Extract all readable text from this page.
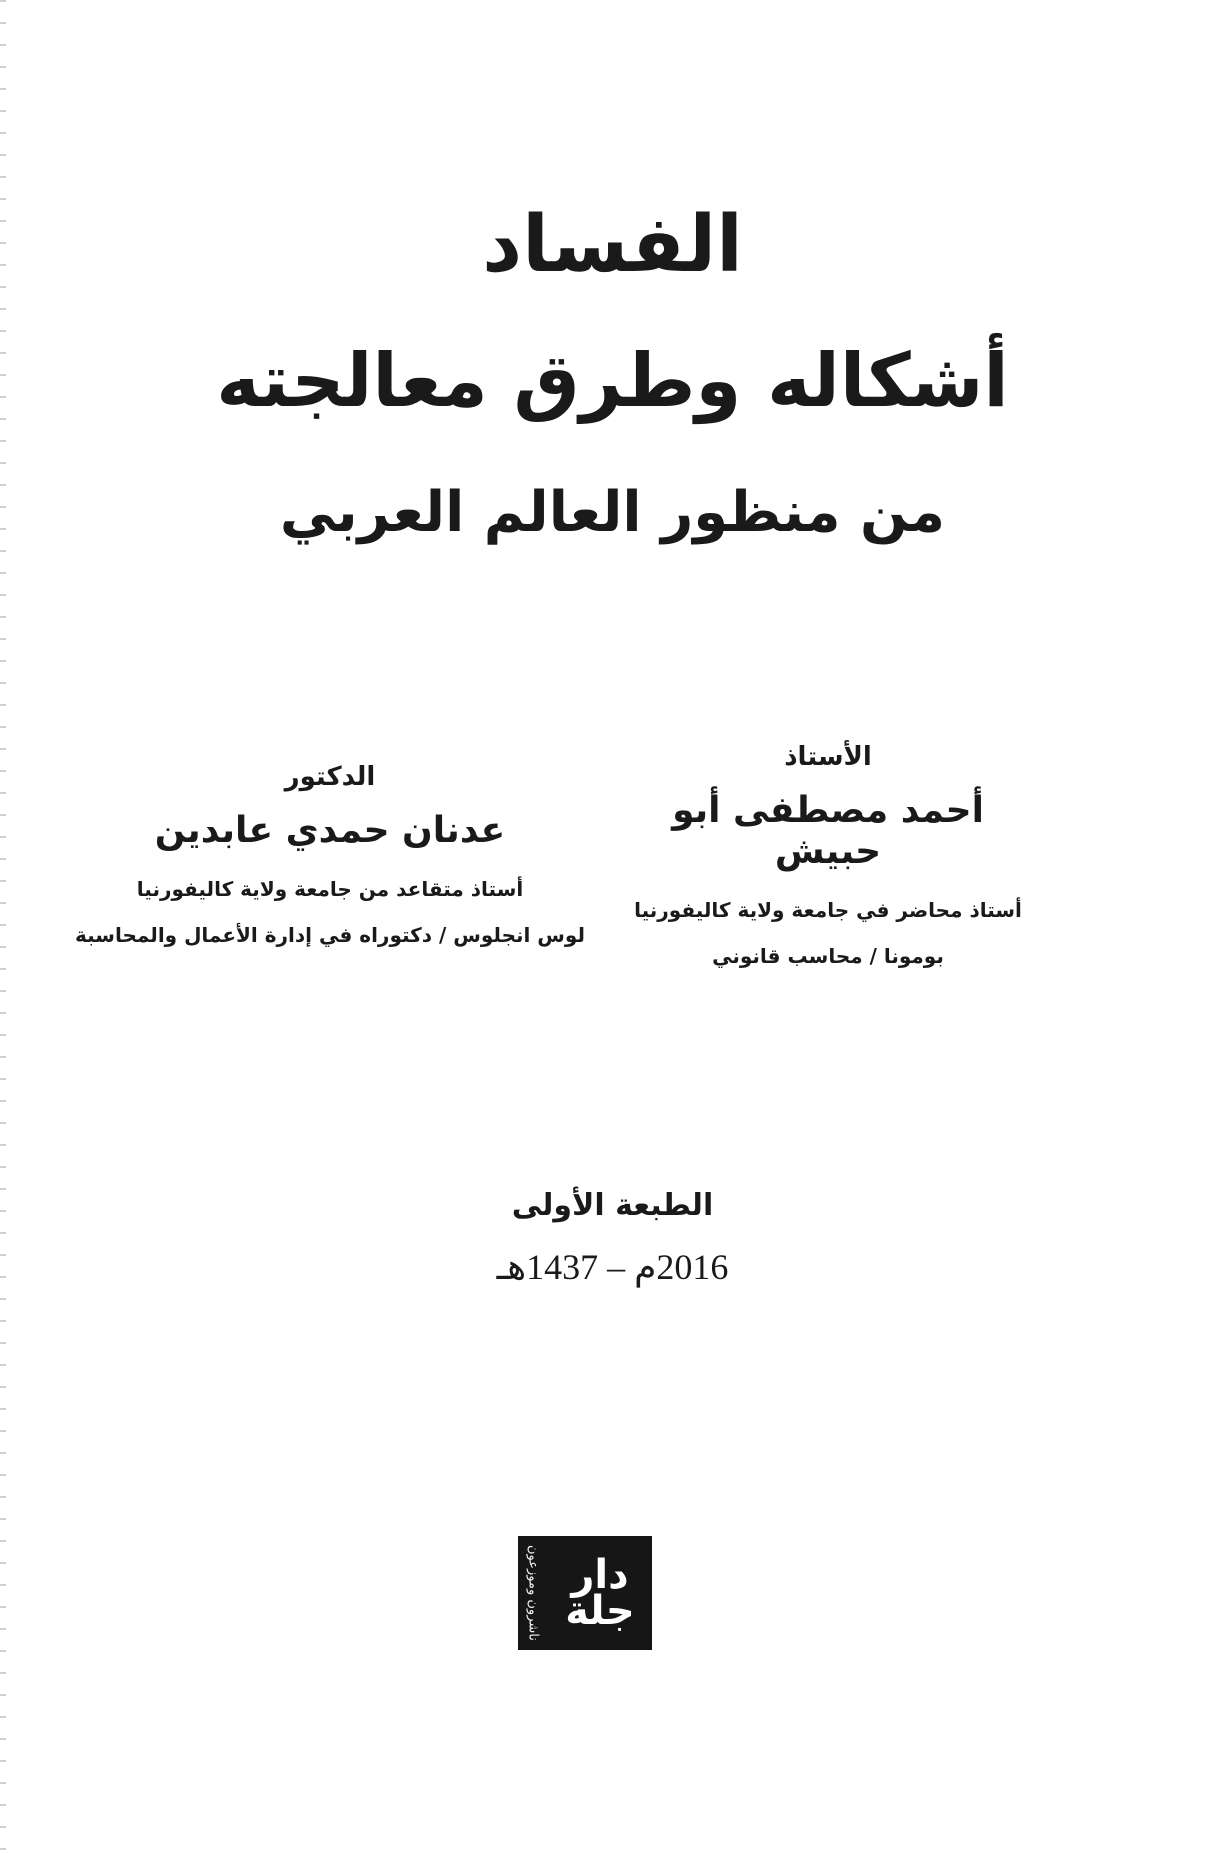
الفساد
أشكاله وطرق معالجته
من منظور العالم العربي
الأستاذ
أحمد مصطفى أبو حبيش
أستاذ محاضر في جامعة ولاية كاليفورنيا
بومونا / محاسب قانوني
الدكتور
عدنان حمدي عابدين
أستاذ متقاعد من جامعة ولاية كاليفورنيا
لوس انجلوس / دكتوراه في إدارة الأعمال والمحاسبة
الطبعة الأولى
2016م – 1437هـ
ناشرون وموزعون دار جلة
